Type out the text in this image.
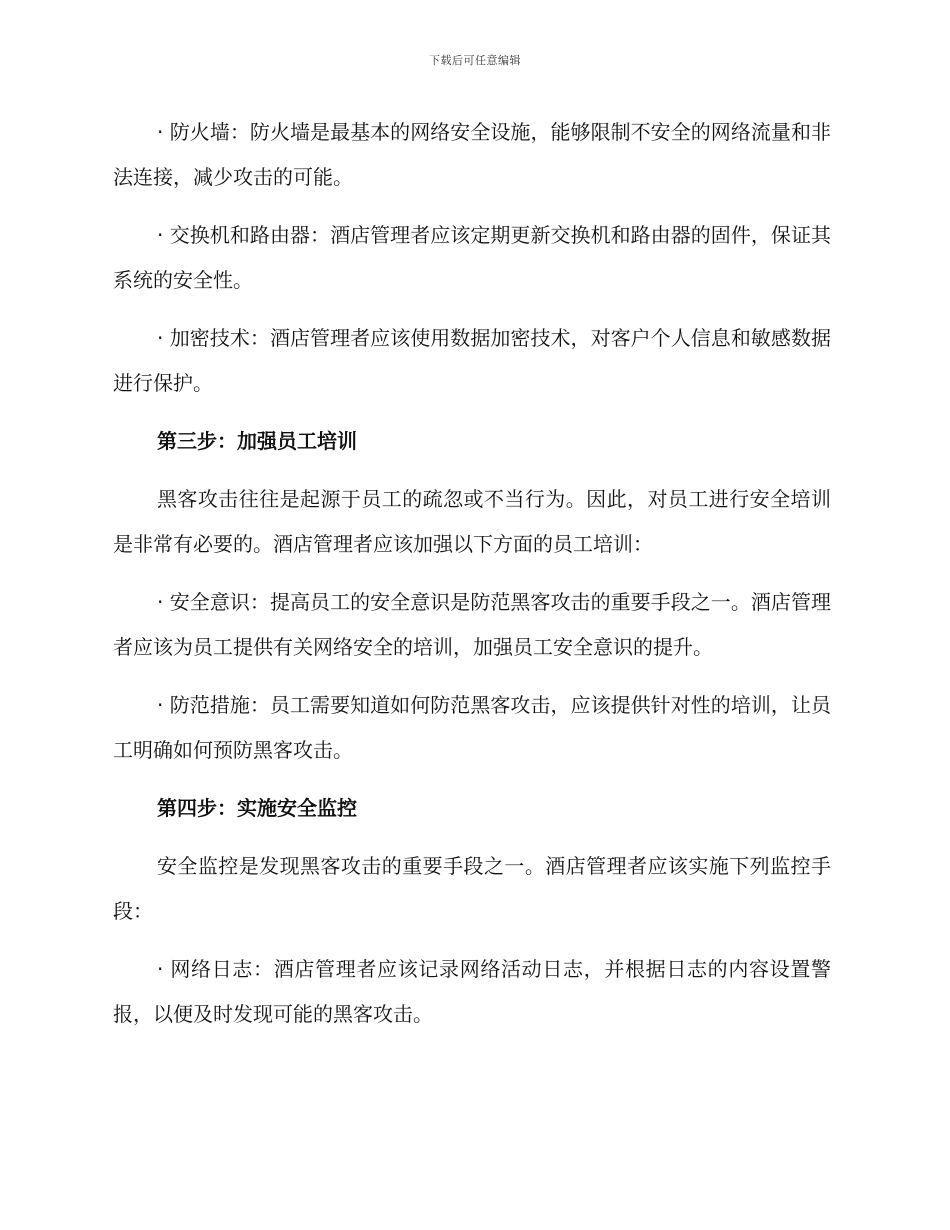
下载后可任意编辑

· 防火墙：防火墙是最基本的网络安全设施，能够限制不安全的网络流量和非法连接，减少攻击的可能。

· 交换机和路由器：酒店管理者应该定期更新交换机和路由器的固件，保证其系统的安全性。

· 加密技术：酒店管理者应该使用数据加密技术，对客户个人信息和敏感数据进行保护。

第三步：加强员工培训

黑客攻击往往是起源于员工的疏忽或不当行为。因此，对员工进行安全培训是非常有必要的。酒店管理者应该加强以下方面的员工培训：

· 安全意识：提高员工的安全意识是防范黑客攻击的重要手段之一。酒店管理者应该为员工提供有关网络安全的培训，加强员工安全意识的提升。

· 防范措施：员工需要知道如何防范黑客攻击，应该提供针对性的培训，让员工明确如何预防黑客攻击。

第四步：实施安全监控

安全监控是发现黑客攻击的重要手段之一。酒店管理者应该实施下列监控手段：

· 网络日志：酒店管理者应该记录网络活动日志，并根据日志的内容设置警报，以便及时发现可能的黑客攻击。
